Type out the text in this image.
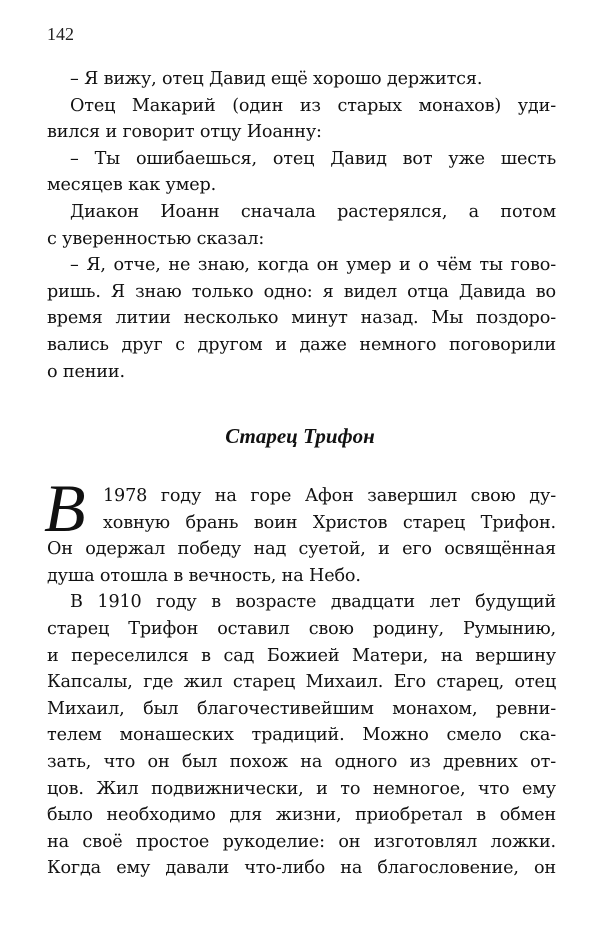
142
– Я вижу, отец Давид ещё хорошо держится.
Отец Макарий (один из старых монахов) уди-
вился и говорит отцу Иоанну:
– Ты ошибаешься, отец Давид вот уже шесть
месяцев как умер.
Диакон Иоанн сначала растерялся, а потом
с уверенностью сказал:
– Я, отче, не знаю, когда он умер и о чём ты гово-
ришь. Я знаю только одно: я видел отца Давида во
время литии несколько минут назад. Мы поздоро-
вались друг с другом и даже немного поговорили
о пении.
Старец Трифон
В 1978 году на горе Афон завершил свою ду-
ховную брань воин Христов старец Трифон.
Он одержал победу над суетой, и его освящённая
душа отошла в вечность, на Небо.
В 1910 году в возрасте двадцати лет будущий
старец Трифон оставил свою родину, Румынию,
и переселился в сад Божией Матери, на вершину
Капсалы, где жил старец Михаил. Его старец, отец
Михаил, был благочестивейшим монахом, ревни-
телем монашеских традиций. Можно смело ска-
зать, что он был похож на одного из древних от-
цов. Жил подвижнически, и то немногое, что ему
было необходимо для жизни, приобретал в обмен
на своё простое рукоделие: он изготовлял ложки.
Когда ему давали что-либо на благословение, он
